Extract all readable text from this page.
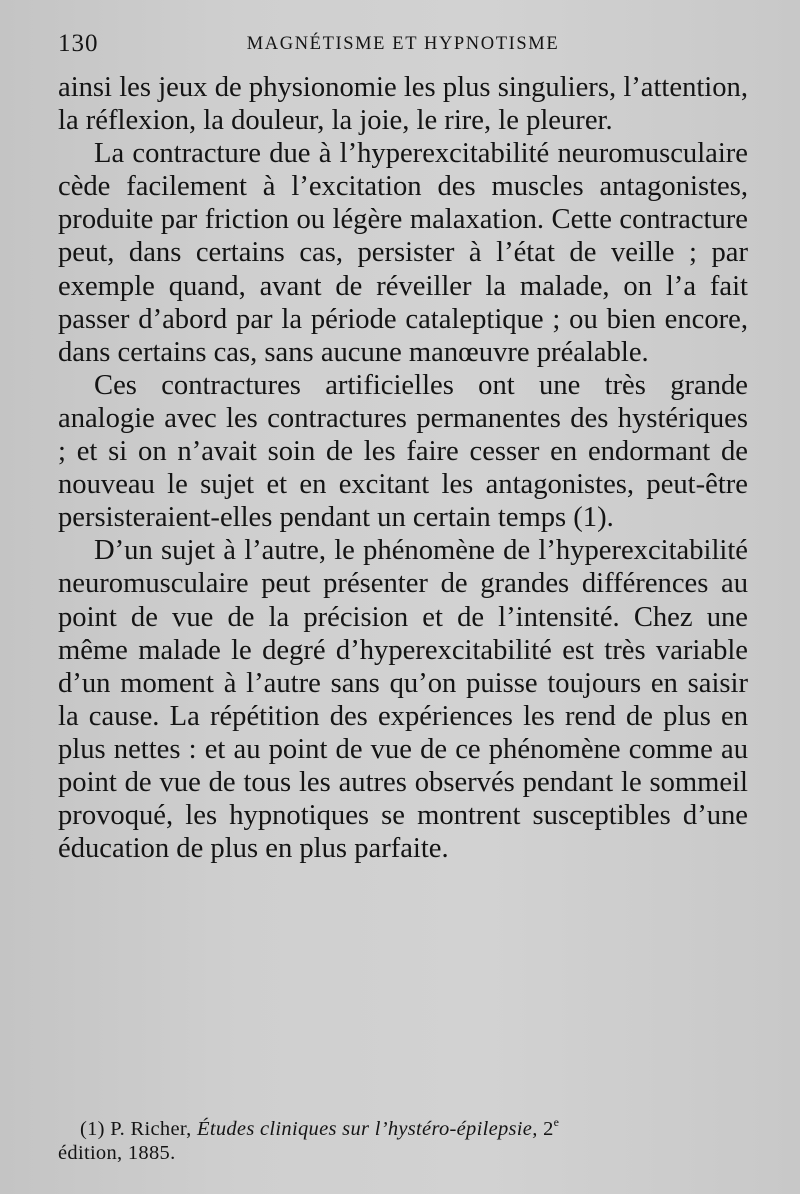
130	MAGNÉTISME ET HYPNOTISME

ainsi les jeux de physionomie les plus singuliers, l’attention, la réflexion, la douleur, la joie, le rire, le pleurer.

La contracture due à l’hyperexcitabilité neuromusculaire cède facilement à l’excitation des muscles antagonistes, produite par friction ou légère malaxation. Cette contracture peut, dans certains cas, persister à l’état de veille ; par exemple quand, avant de réveiller la malade, on l’a fait passer d’abord par la période cataleptique ; ou bien encore, dans certains cas, sans aucune manœuvre préalable.

Ces contractures artificielles ont une très grande analogie avec les contractures permanentes des hystériques ; et si on n’avait soin de les faire cesser en endormant de nouveau le sujet et en excitant les antagonistes, peut-être persisteraient-elles pendant un certain temps (1).

D’un sujet à l’autre, le phénomène de l’hyperexcitabilité neuromusculaire peut présenter de grandes différences au point de vue de la précision et de l’intensité. Chez une même malade le degré d’hyperexcitabilité est très variable d’un moment à l’autre sans qu’on puisse toujours en saisir la cause. La répétition des expériences les rend de plus en plus nettes : et au point de vue de ce phénomène comme au point de vue de tous les autres observés pendant le sommeil provoqué, les hypnotiques se montrent susceptibles d’une éducation de plus en plus parfaite.

(1) P. Richer, Études cliniques sur l’hystéro-épilepsie, 2e
édition, 1885.
